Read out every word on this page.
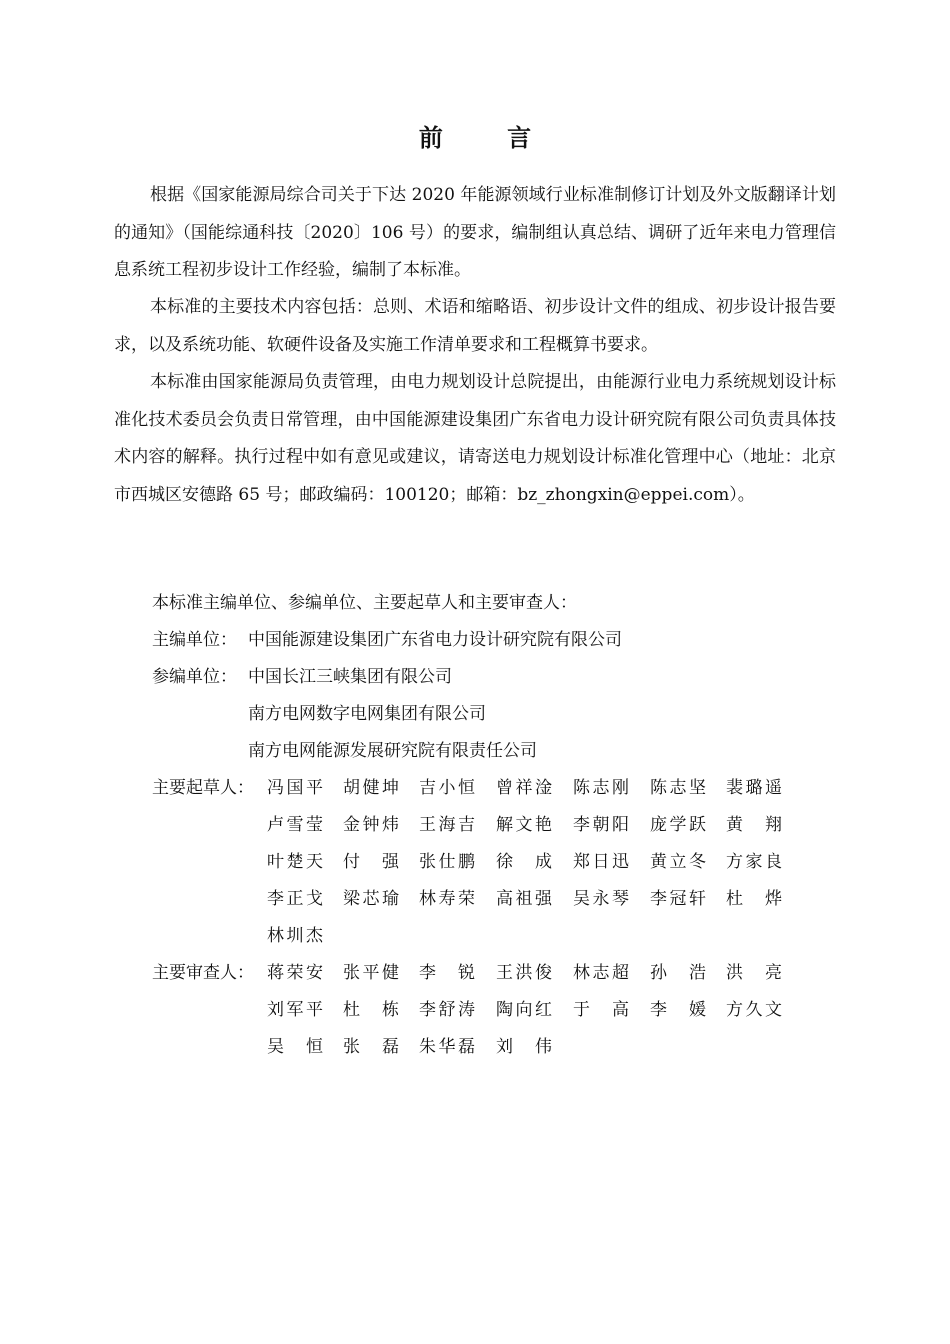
前 言

根据《国家能源局综合司关于下达 2020 年能源领域行业标准制修订计划及外文版翻译计划的通知》（国能综通科技〔2020〕106 号）的要求，编制组认真总结、调研了近年来电力管理信息系统工程初步设计工作经验，编制了本标准。

本标准的主要技术内容包括：总则、术语和缩略语、初步设计文件的组成、初步设计报告要求，以及系统功能、软硬件设备及实施工作清单要求和工程概算书要求。

本标准由国家能源局负责管理，由电力规划设计总院提出，由能源行业电力系统规划设计标准化技术委员会负责日常管理，由中国能源建设集团广东省电力设计研究院有限公司负责具体技术内容的解释。执行过程中如有意见或建议，请寄送电力规划设计标准化管理中心（地址：北京市西城区安德路 65 号；邮政编码：100120；邮箱：bz_zhongxin@eppei.com）。

本标准主编单位、参编单位、主要起草人和主要审查人：
主编单位： 中国能源建设集团广东省电力设计研究院有限公司
参编单位： 中国长江三峡集团有限公司
南方电网数字电网集团有限公司
南方电网能源发展研究院有限责任公司
主要起草人： 冯国平 胡健坤 吉小恒 曾祥淦 陈志刚 陈志坚 裴璐遥
卢雪莹 金钟炜 王海吉 解文艳 李朝阳 庞学跃 黄　翔
叶楚天 付　强 张仕鹏 徐　成 郑日迅 黄立冬 方家良
李正戈 梁芯瑜 林寿荣 高祖强 吴永琴 李冠轩 杜　烨
林圳杰
主要审查人： 蒋荣安 张平健 李　锐 王洪俊 林志超 孙　浩 洪　亮
刘军平 杜　栋 李舒涛 陶向红 于　高 李　媛 方久文
吴　恒 张　磊 朱华磊 刘　伟
